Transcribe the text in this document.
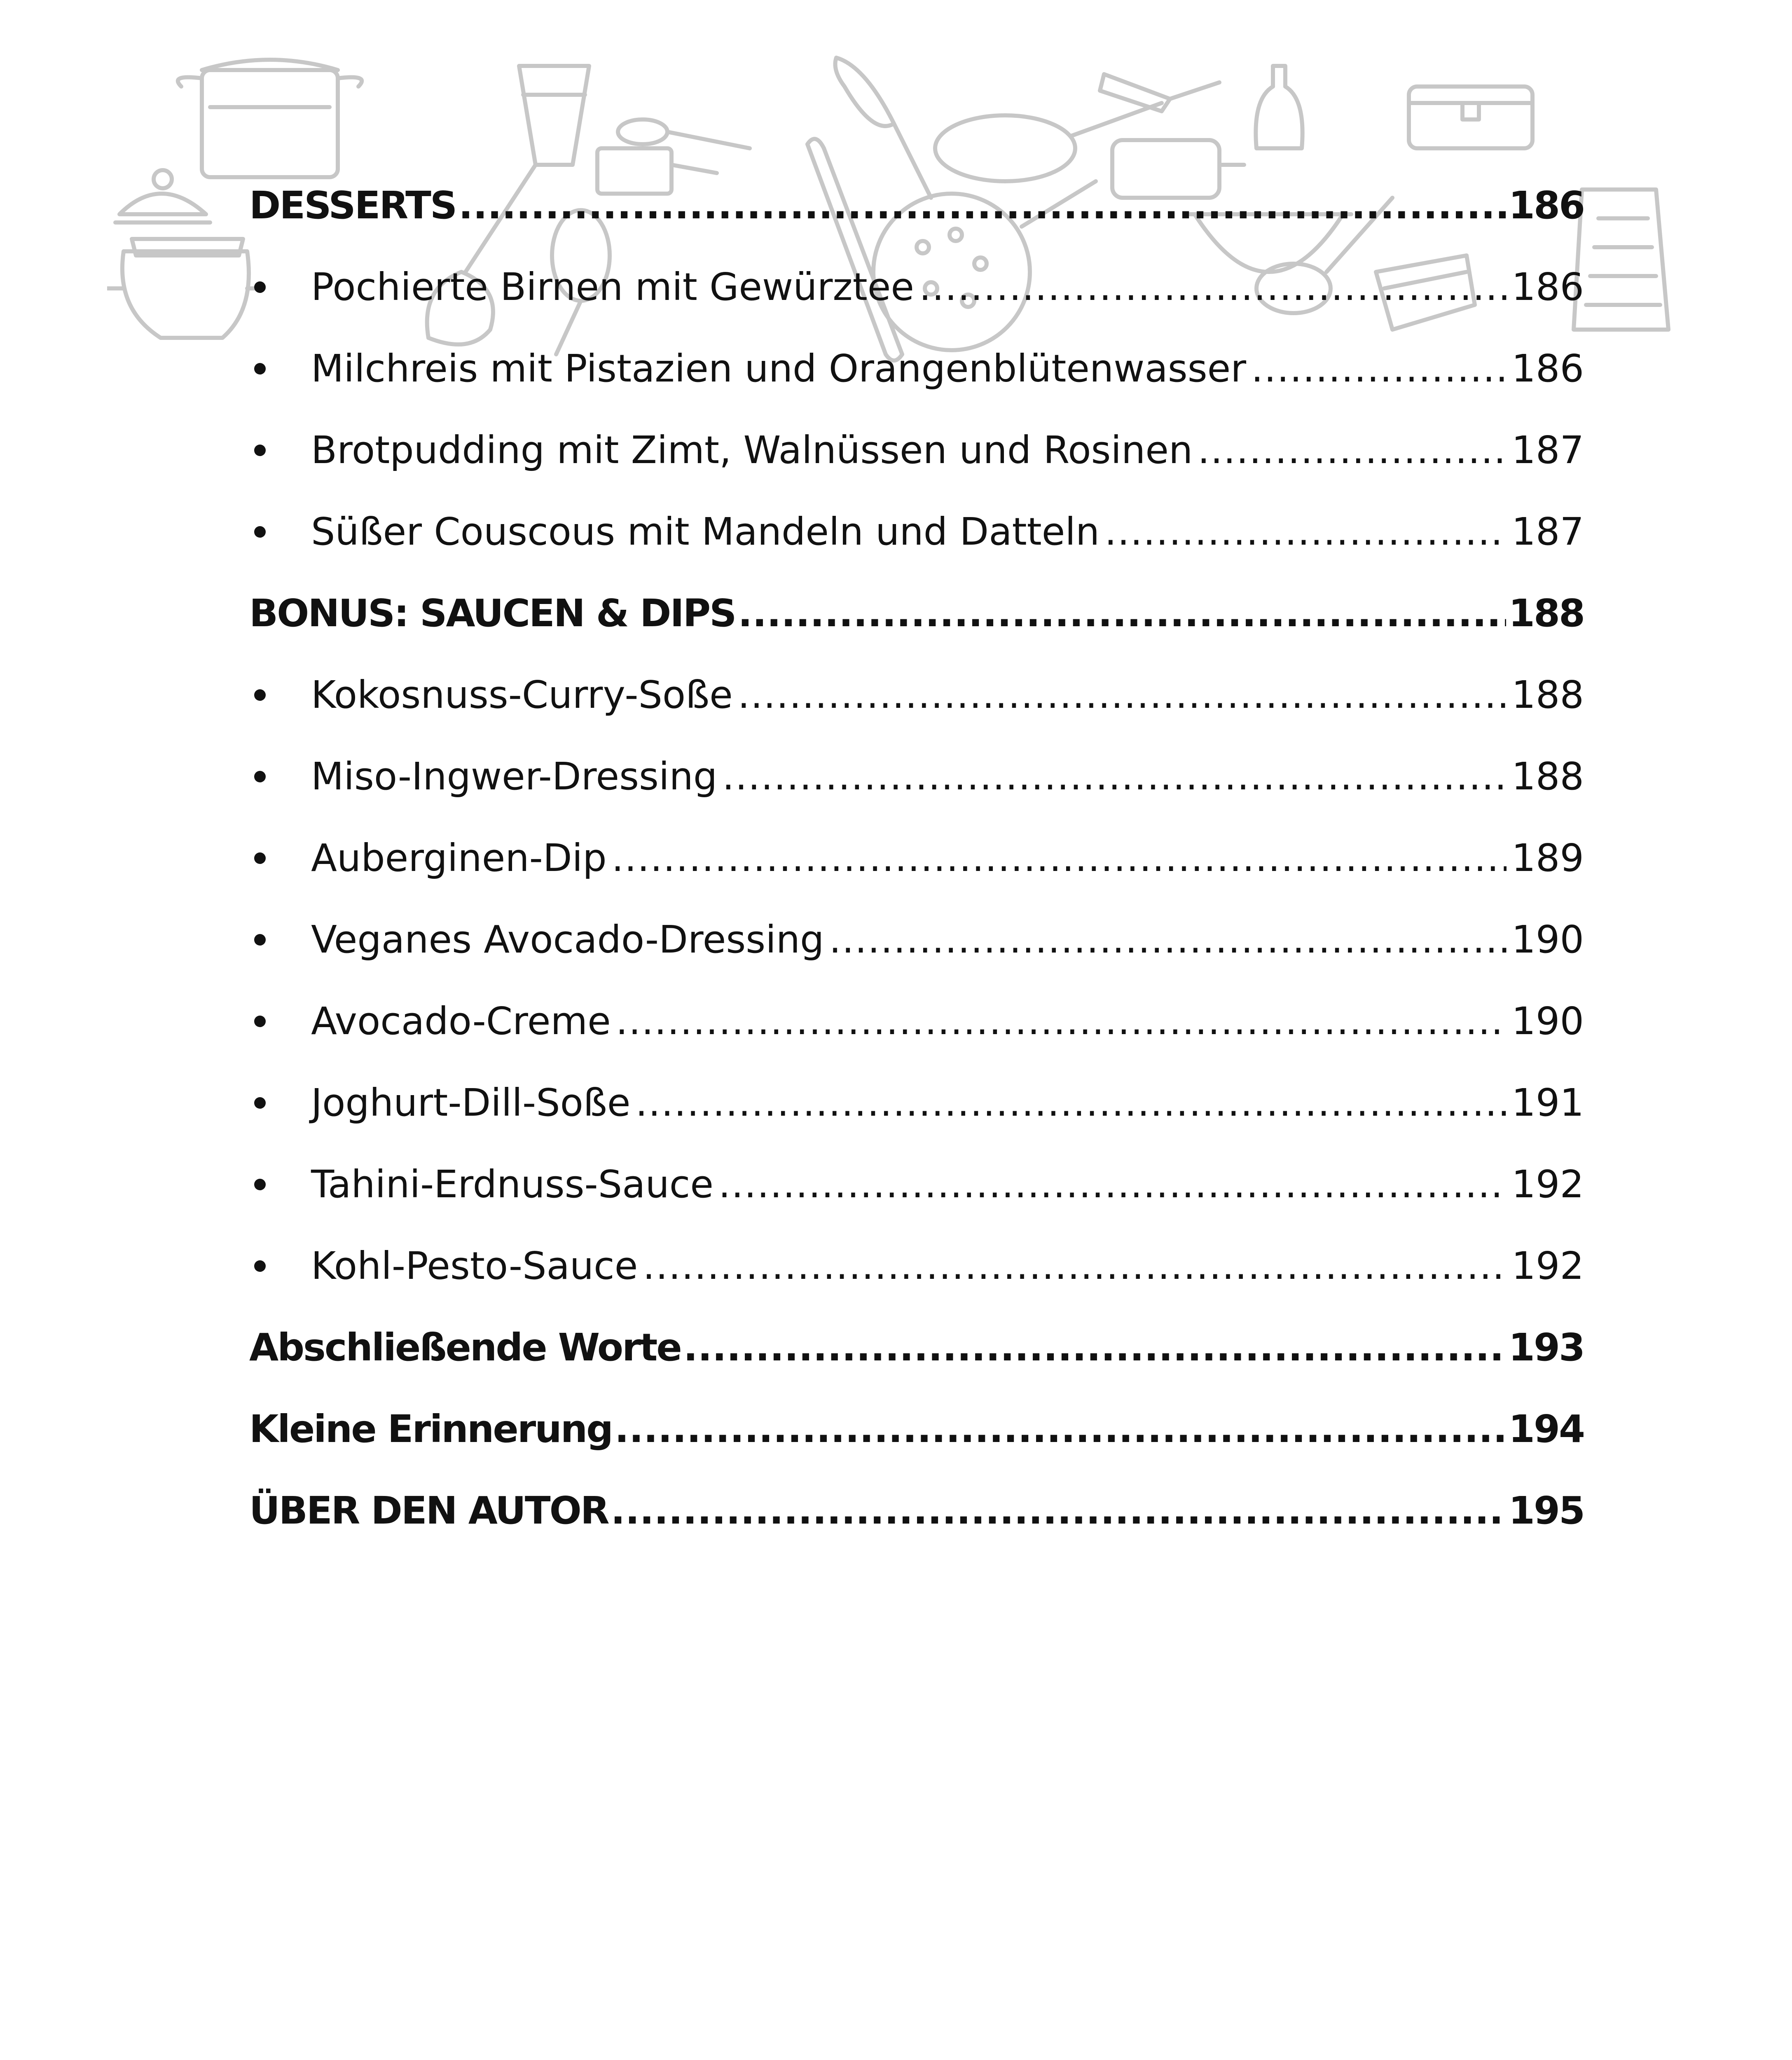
DESSERTS .....	186
Pochierte Birnen mit Gewürztee .....	186
Milchreis mit Pistazien und Orangenblütenwasser .....	186
Brotpudding mit Zimt, Walnüssen und Rosinen .....	187
Süßer Couscous mit Mandeln und Datteln .....	187
BONUS: SAUCEN & DIPS .....	188
Kokosnuss-Curry-Soße .....	188
Miso-Ingwer-Dressing .....	188
Auberginen-Dip .....	189
Veganes Avocado-Dressing .....	190
Avocado-Creme .....	190
Joghurt-Dill-Soße .....	191
Tahini-Erdnuss-Sauce .....	192
Kohl-Pesto-Sauce .....	192
Abschließende Worte .....	193
Kleine Erinnerung .....	194
ÜBER DEN AUTOR .....	195
